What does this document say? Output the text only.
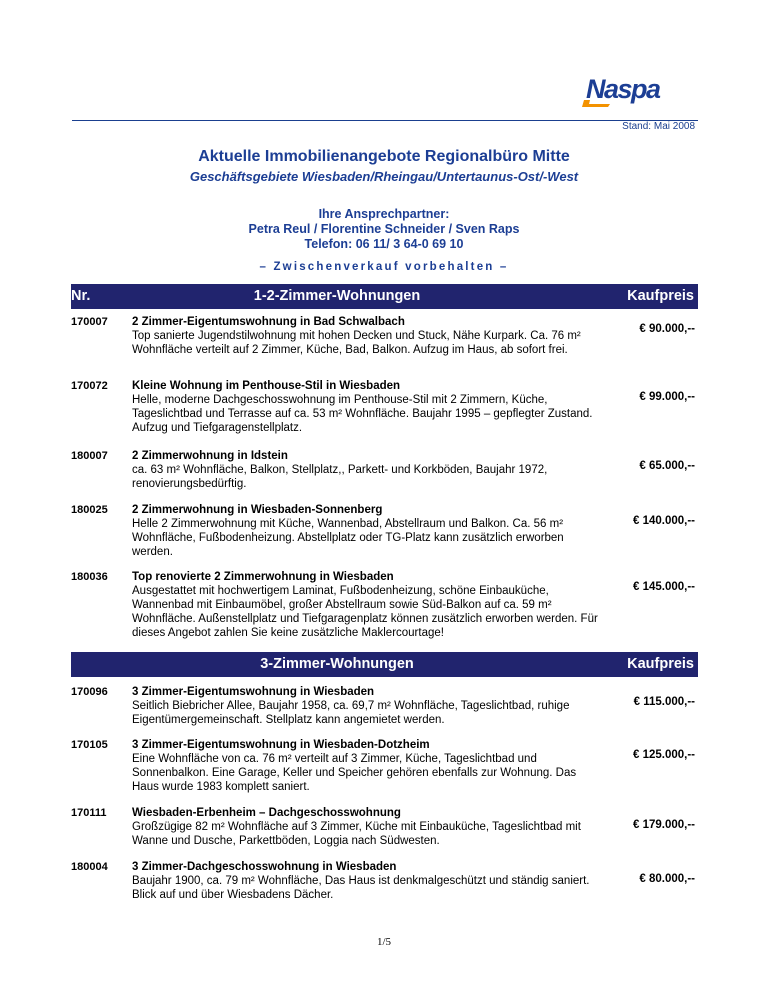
Naspa
Stand: Mai 2008
Aktuelle Immobilienangebote Regionalbüro Mitte
Geschäftsgebiete Wiesbaden/Rheingau/Untertaunus-Ost/-West
Ihre Ansprechpartner:
Petra Reul / Florentine Schneider / Sven Raps
Telefon: 06 11/ 3 64-0 69 10
– Zwischenverkauf vorbehalten –
Nr.	1-2-Zimmer-Wohnungen	Kaufpreis
170007 2 Zimmer-Eigentumswohnung in Bad Schwalbach
Top sanierte Jugendstilwohnung mit hohen Decken und Stuck, Nähe Kurpark. Ca. 76 m² Wohnfläche verteilt auf 2 Zimmer, Küche, Bad, Balkon. Aufzug im Haus, ab sofort frei.
€ 90.000,--
170072 Kleine Wohnung im Penthouse-Stil in Wiesbaden
Helle, moderne Dachgeschosswohnung im Penthouse-Stil mit 2 Zimmern, Küche, Tageslichtbad und Terrasse auf ca. 53 m² Wohnfläche. Baujahr 1995 – gepflegter Zustand. Aufzug und Tiefgaragenstellplatz.
€ 99.000,--
180007 2 Zimmerwohnung in Idstein
ca. 63 m² Wohnfläche, Balkon, Stellplatz,, Parkett- und Korkböden, Baujahr 1972, renovierungsbedürftig.
€ 65.000,--
180025 2 Zimmerwohnung in Wiesbaden-Sonnenberg
Helle 2 Zimmerwohnung mit Küche, Wannenbad, Abstellraum und Balkon. Ca. 56 m² Wohnfläche, Fußbodenheizung. Abstellplatz oder TG-Platz kann zusätzlich erworben werden.
€ 140.000,--
180036 Top renovierte 2 Zimmerwohnung in Wiesbaden
Ausgestattet mit hochwertigem Laminat, Fußbodenheizung, schöne Einbauküche, Wannenbad mit Einbaumöbel, großer Abstellraum sowie Süd-Balkon auf ca. 59 m² Wohnfläche. Außenstellplatz und Tiefgaragenplatz können zusätzlich erworben werden. Für dieses Angebot zahlen Sie keine zusätzliche Maklercourtage!
€ 145.000,--
3-Zimmer-Wohnungen	Kaufpreis
170096 3 Zimmer-Eigentumswohnung in Wiesbaden
Seitlich Biebricher Allee, Baujahr 1958, ca. 69,7 m² Wohnfläche, Tageslichtbad, ruhige Eigentümergemeinschaft. Stellplatz kann angemietet werden.
€ 115.000,--
170105 3 Zimmer-Eigentumswohnung in Wiesbaden-Dotzheim
Eine Wohnfläche von ca. 76 m² verteilt auf 3 Zimmer, Küche, Tageslichtbad und Sonnenbalkon. Eine Garage, Keller und Speicher gehören ebenfalls zur Wohnung. Das Haus wurde 1983 komplett saniert.
€ 125.000,--
170111 Wiesbaden-Erbenheim – Dachgeschosswohnung
Großzügige 82 m² Wohnfläche auf 3 Zimmer, Küche mit Einbauküche, Tageslichtbad mit Wanne und Dusche, Parkettböden, Loggia nach Südwesten.
€ 179.000,--
180004 3 Zimmer-Dachgeschosswohnung in Wiesbaden
Baujahr 1900, ca. 79 m² Wohnfläche, Das Haus ist denkmalgeschützt und ständig saniert. Blick auf und über Wiesbadens Dächer.
€ 80.000,--
1/5
